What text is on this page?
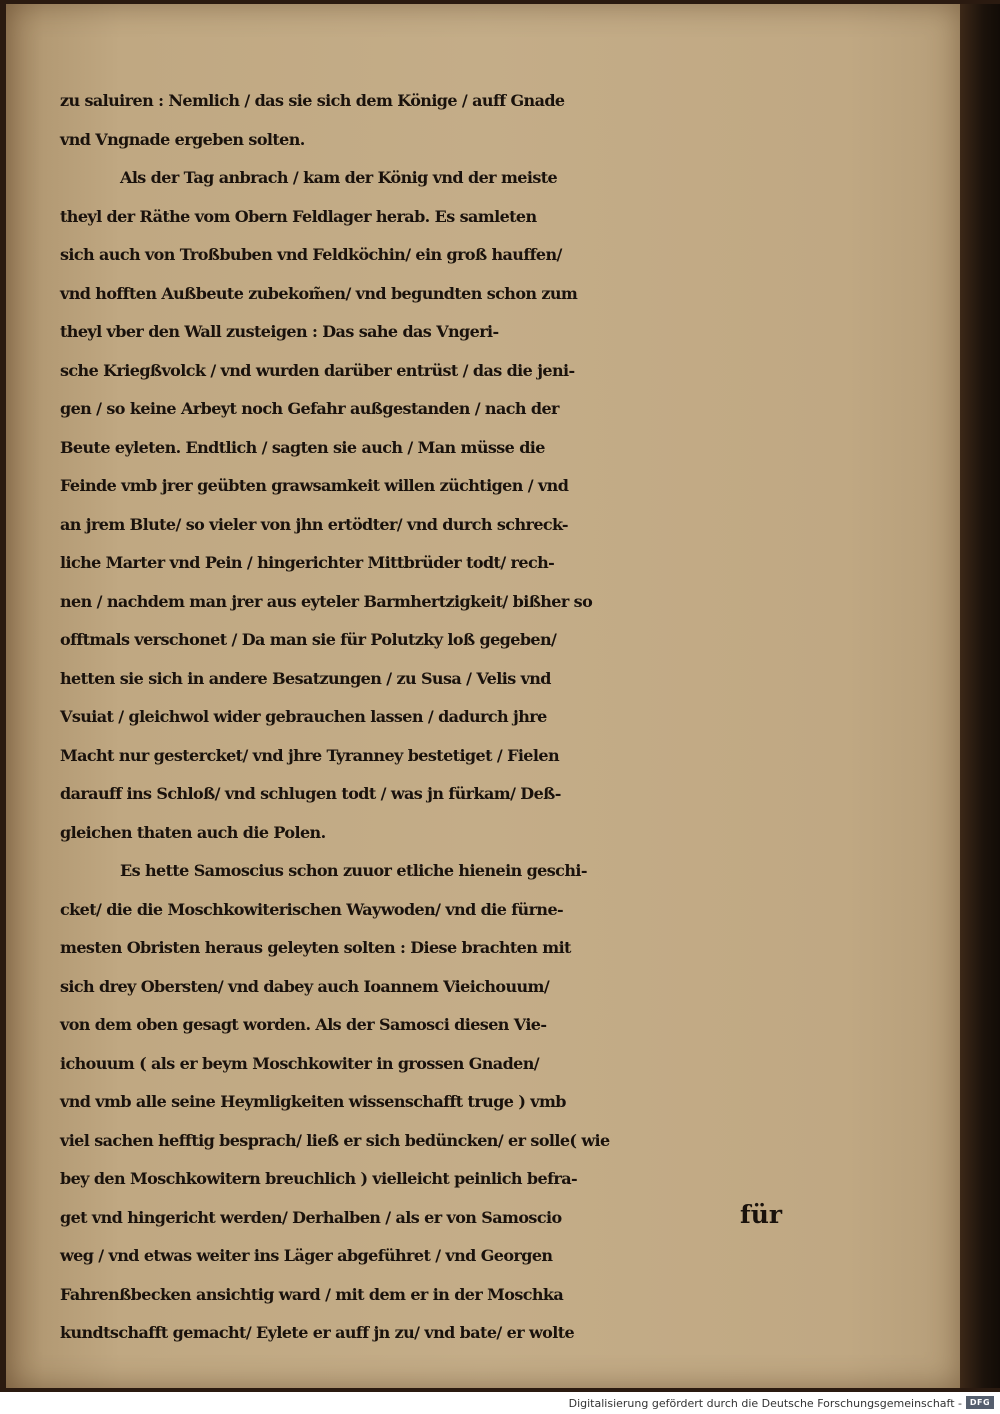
zu saluiren : Nemlich / das sie sich dem Könige / auff Gnade
vnd Vngnade ergeben solten.
Als der Tag anbrach / kam der König vnd der meiste
theyl der Räthe vom Obern Feldlager herab. Es samleten
sich auch von Troßbuben vnd Feldköchin/ ein groß hauffen/
vnd hofften Außbeute zubekom̃en/ vnd begundten schon zum
theyl vber den Wall zusteigen : Das sahe das Vngeri-
sche Kriegßvolck / vnd wurden darüber entrüst / das die jeni-
gen / so keine Arbeyt noch Gefahr außgestanden / nach der
Beute eyleten. Endtlich / sagten sie auch / Man müsse die
Feinde vmb jrer geübten grawsamkeit willen züchtigen / vnd
an jrem Blute/ so vieler von jhn ertödter/ vnd durch schreck-
liche Marter vnd Pein / hingerichter Mittbrüder todt/ rech-
nen / nachdem man jrer aus eyteler Barmhertzigkeit/ bißher so
offtmals verschonet / Da man sie für Polutzky loß gegeben/
hetten sie sich in andere Besatzungen / zu Susa / Velis vnd
Vsuiat / gleichwol wider gebrauchen lassen / dadurch jhre
Macht nur gestercket/ vnd jhre Tyranney bestetiget / Fielen
darauff ins Schloß/ vnd schlugen todt / was jn fürkam/ Deß-
gleichen thaten auch die Polen.
Es hette Samoscius schon zuuor etliche hienein geschi-
cket/ die die Moschkowiterischen Waywoden/ vnd die fürne-
mesten Obristen heraus geleyten solten : Diese brachten mit
sich drey Obersten/ vnd dabey auch Ioannem Vieichouum/
von dem oben gesagt worden. Als der Samosci diesen Vie-
ichouum ( als er beym Moschkowiter in grossen Gnaden/
vnd vmb alle seine Heymligkeiten wissenschafft truge ) vmb
viel sachen hefftig besprach/ ließ er sich bedüncken/ er solle( wie
bey den Moschkowitern breuchlich ) vielleicht peinlich befra-
get vnd hingericht werden/ Derhalben / als er von Samoscio
weg / vnd etwas weiter ins Läger abgeführet / vnd Georgen
Fahrenßbecken ansichtig ward / mit dem er in der Moschka
kundtschafft gemacht/ Eylete er auff jn zu/ vnd bate/ er wolte
für
Digitalisierung gefördert durch die Deutsche Forschungsgemeinschaft - DFG
